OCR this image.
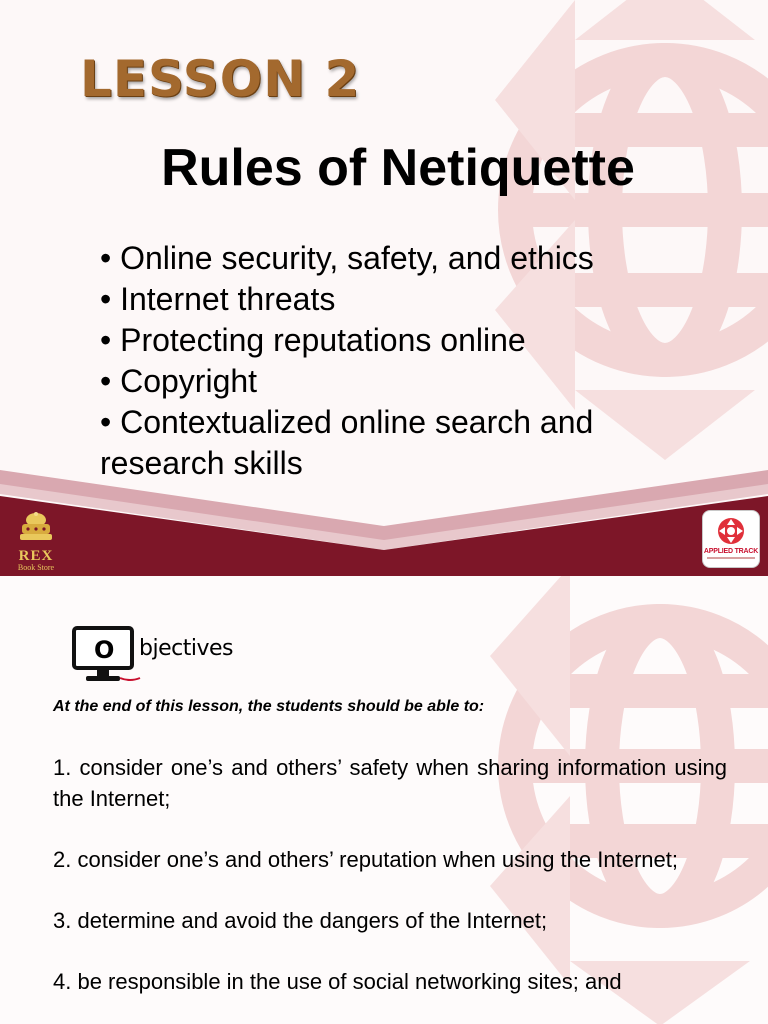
LESSON 2
Rules of Netiquette
• Online security, safety, and ethics
• Internet threats
• Protecting reputations online
• Copyright
• Contextualized online search and research skills
REX
Book Store
APPLIED TRACK
O bjectives

At the end of this lesson, the students should be able to:

1. consider one’s and others’ safety when sharing information using the Internet;
2. consider one’s and others’ reputation when using the Internet;
3. determine and avoid the dangers of the Internet;
4. be responsible in the use of social networking sites; and
